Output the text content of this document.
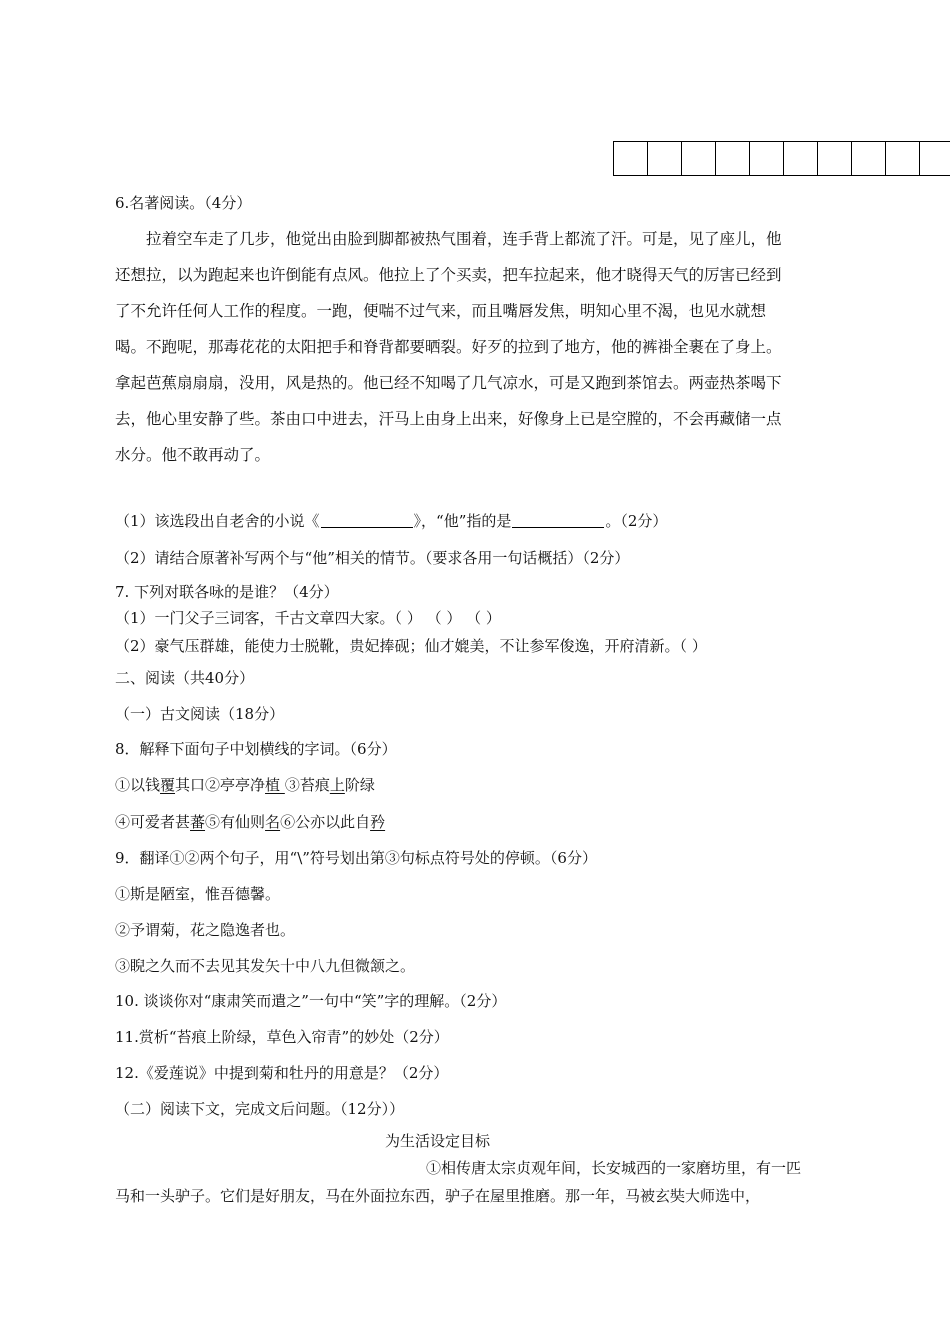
6.名著阅读。（4分）
拉着空车走了几步，他觉出由脸到脚都被热气围着，连手背上都流了汗。可是，见了座儿，他
还想拉，以为跑起来也许倒能有点风。他拉上了个买卖，把车拉起来，他才晓得天气的厉害已经到
了不允许任何人工作的程度。一跑，便喘不过气来，而且嘴唇发焦，明知心里不渴，也见水就想
喝。不跑呢，那毒花花的太阳把手和脊背都要晒裂。好歹的拉到了地方，他的裤褂全裹在了身上。
拿起芭蕉扇扇扇，没用，风是热的。他已经不知喝了几气凉水，可是又跑到茶馆去。两壶热茶喝下
去，他心里安静了些。茶由口中进去，汗马上由身上出来，好像身上已是空膛的，不会再藏储一点
水分。他不敢再动了。
（1）该选段出自老舍的小说《	》，“他”指的是	。（2分）
（2）请结合原著补写两个与“他”相关的情节。（要求各用一句话概括）（2分）
7. 下列对联各咏的是谁？（4分）
（1）一门父子三词客，千古文章四大家。（ ） （ ） （ ）
（2）豪气压群雄，能使力士脱靴，贵妃捧砚；仙才媲美，不让参军俊逸，开府清新。（ ）
二、阅读（共40分）
（一）古文阅读（18分）
8．解释下面句子中划横线的字词。（6分）
①以钱覆其口②亭亭净植 ③苔痕上阶绿
④可爱者甚蕃⑤有仙则名⑥公亦以此自矜
9．翻译①②两个句子，用“\”符号划出第③句标点符号处的停顿。（6分）
①斯是陋室，惟吾德馨。
②予谓菊，花之隐逸者也。
③睨之久而不去见其发矢十中八九但微颔之。
10. 谈谈你对“康肃笑而遣之”一句中“笑”字的理解。（2分）
11.赏析“苔痕上阶绿，草色入帘青”的妙处（2分）
12.《爱莲说》中提到菊和牡丹的用意是？（2分）
（二）阅读下文，完成文后问题。（12分））
为生活设定目标
①相传唐太宗贞观年间，长安城西的一家磨坊里，有一匹
马和一头驴子。它们是好朋友，马在外面拉东西，驴子在屋里推磨。那一年，马被玄奘大师选中，
